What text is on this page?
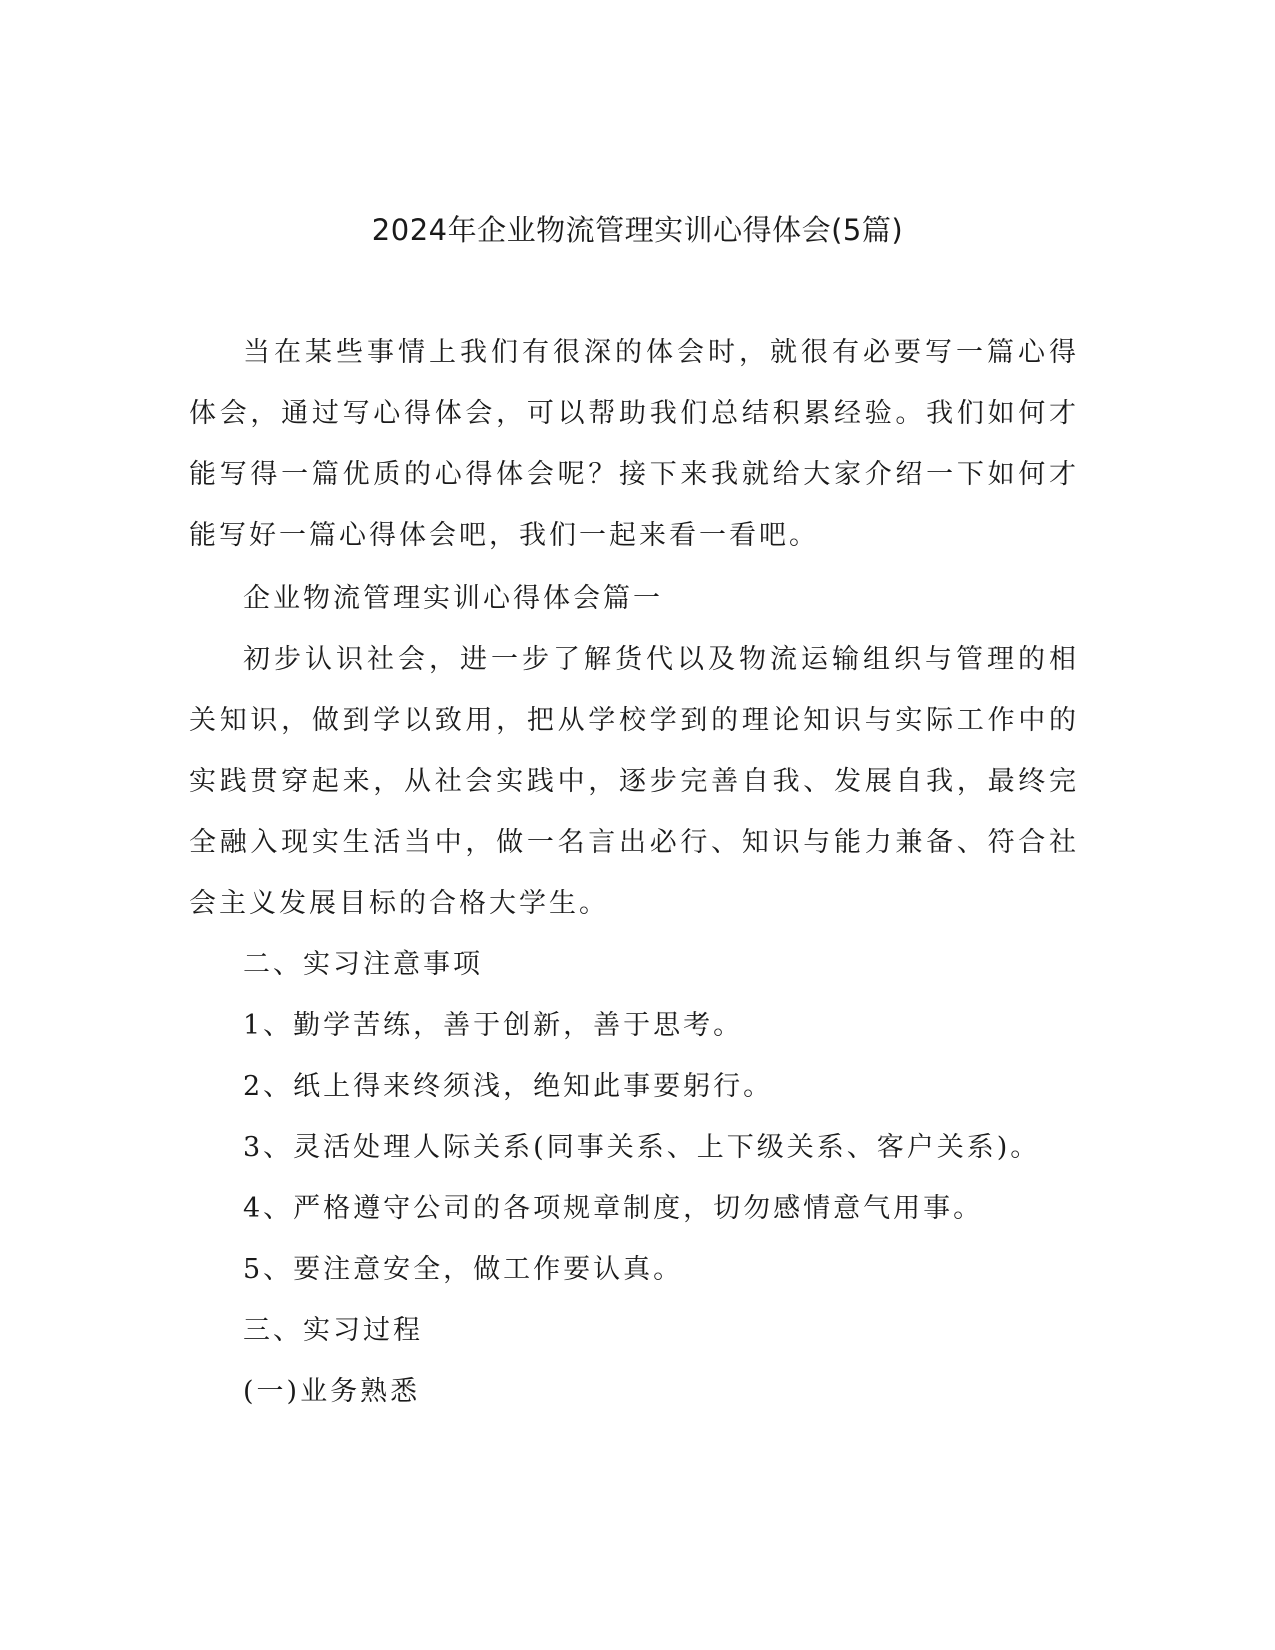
2024年企业物流管理实训心得体会(5篇)

当在某些事情上我们有很深的体会时，就很有必要写一篇心得体会，通过写心得体会，可以帮助我们总结积累经验。我们如何才能写得一篇优质的心得体会呢？接下来我就给大家介绍一下如何才能写好一篇心得体会吧，我们一起来看一看吧。

企业物流管理实训心得体会篇一

初步认识社会，进一步了解货代以及物流运输组织与管理的相关知识，做到学以致用，把从学校学到的理论知识与实际工作中的实践贯穿起来，从社会实践中，逐步完善自我、发展自我，最终完全融入现实生活当中，做一名言出必行、知识与能力兼备、符合社会主义发展目标的合格大学生。

二、实习注意事项

1、勤学苦练，善于创新，善于思考。

2、纸上得来终须浅，绝知此事要躬行。

3、灵活处理人际关系(同事关系、上下级关系、客户关系)。

4、严格遵守公司的各项规章制度，切勿感情意气用事。

5、要注意安全，做工作要认真。

三、实习过程

(一)业务熟悉
